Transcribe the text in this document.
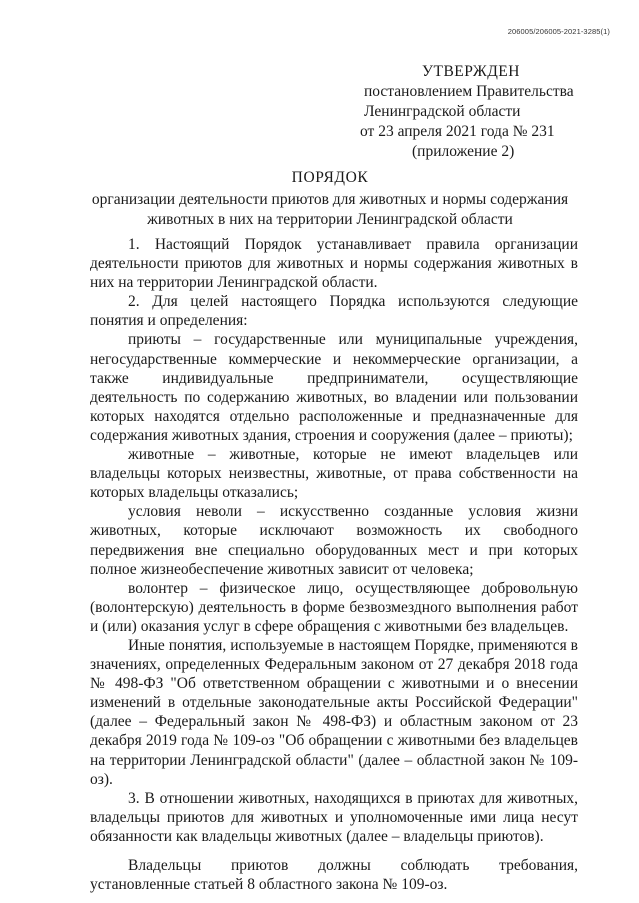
206005/206005-2021-3285(1)
УТВЕРЖДЕН
постановлением Правительства
Ленинградской области
от 23 апреля 2021 года № 231
(приложение 2)
ПОРЯДОК
организации деятельности приютов для животных и нормы содержания животных в них на территории Ленинградской области

1. Настоящий Порядок устанавливает правила организации деятельности приютов для животных и нормы содержания животных в них на территории Ленинградской области.

2. Для целей настоящего Порядка используются следующие понятия и определения:

приюты – государственные или муниципальные учреждения, негосударственные коммерческие и некоммерческие организации, а также индивидуальные предприниматели, осуществляющие деятельность по содержанию животных, во владении или пользовании которых находятся отдельно расположенные и предназначенные для содержания животных здания, строения и сооружения (далее – приюты);

животные – животные, которые не имеют владельцев или владельцы которых неизвестны, животные, от права собственности на которых владельцы отказались;

условия неволи – искусственно созданные условия жизни животных, которые исключают возможность их свободного передвижения вне специально оборудованных мест и при которых полное жизнеобеспечение животных зависит от человека;

волонтер – физическое лицо, осуществляющее добровольную (волонтерскую) деятельность в форме безвозмездного выполнения работ и (или) оказания услуг в сфере обращения с животными без владельцев.

Иные понятия, используемые в настоящем Порядке, применяются в значениях, определенных Федеральным законом от 27 декабря 2018 года № 498-ФЗ "Об ответственном обращении с животными и о внесении изменений в отдельные законодательные акты Российской Федерации" (далее – Федеральный закон № 498-ФЗ) и областным законом от 23 декабря 2019 года № 109-оз "Об обращении с животными без владельцев на территории Ленинградской области" (далее – областной закон № 109-оз).

3. В отношении животных, находящихся в приютах для животных, владельцы приютов для животных и уполномоченные ими лица несут обязанности как владельцы животных (далее – владельцы приютов).

Владельцы приютов должны соблюдать требования, установленные статьей 8 областного закона № 109-оз.
